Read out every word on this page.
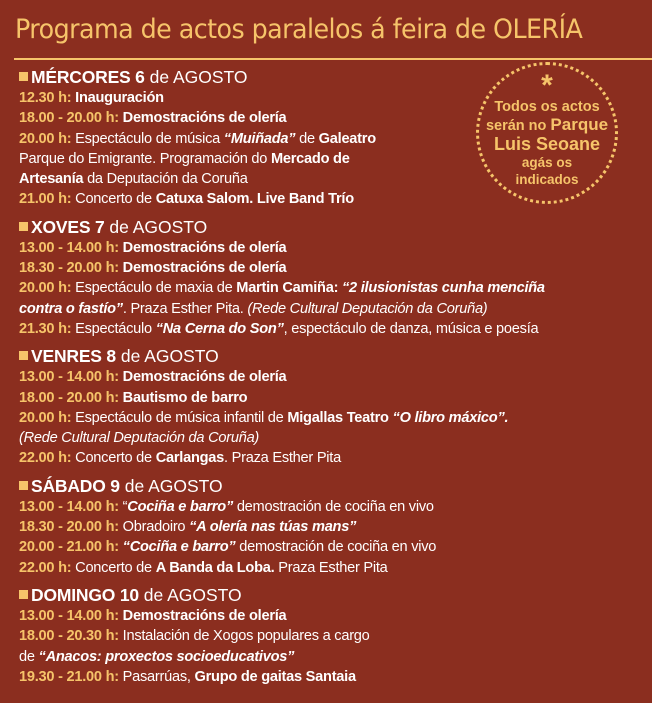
Programa de actos paralelos á feira de OLERÍA
MÉRCORES 6 de AGOSTO
12.30 h: Inauguración
18.00 - 20.00 h: Demostracións de olería
20.00 h: Espectáculo de música “Muiñada” de Galeatro
Parque do Emigrante. Programación do Mercado de
Artesanía da Deputación da Coruña
21.00 h: Concerto de Catuxa Salom. Live Band Trío
XOVES 7 de AGOSTO
13.00 - 14.00 h: Demostracións de olería
18.30 - 20.00 h: Demostracións de olería
20.00 h: Espectáculo de maxia de Martin Camiña: “2 ilusionistas cunha menciña
contra o fastío”. Praza Esther Pita. (Rede Cultural Deputación da Coruña)
21.30 h: Espectáculo “Na Cerna do Son”, espectáculo de danza, música e poesía
VENRES 8 de AGOSTO
13.00 - 14.00 h: Demostracións de olería
18.00 - 20.00 h: Bautismo de barro
20.00 h: Espectáculo de música infantil de Migallas Teatro “O libro máxico”.
(Rede Cultural Deputación da Coruña)
22.00 h: Concerto de Carlangas. Praza Esther Pita
SÁBADO 9 de AGOSTO
13.00 - 14.00 h: “Cociña e barro” demostración de cociña en vivo
18.30 - 20.00 h: Obradoiro “A olería nas túas mans”
20.00 - 21.00 h: “Cociña e barro” demostración de cociña en vivo
22.00 h: Concerto de A Banda da Loba. Praza Esther Pita
DOMINGO 10 de AGOSTO
13.00 - 14.00 h: Demostracións de olería
18.00 - 20.30 h: Instalación de Xogos populares a cargo
de “Anacos: proxectos socioeducativos”
19.30 - 21.00 h: Pasarrúas, Grupo de gaitas Santaia
*
Todos os actos
serán no Parque
Luis Seoane
agás os
indicados
